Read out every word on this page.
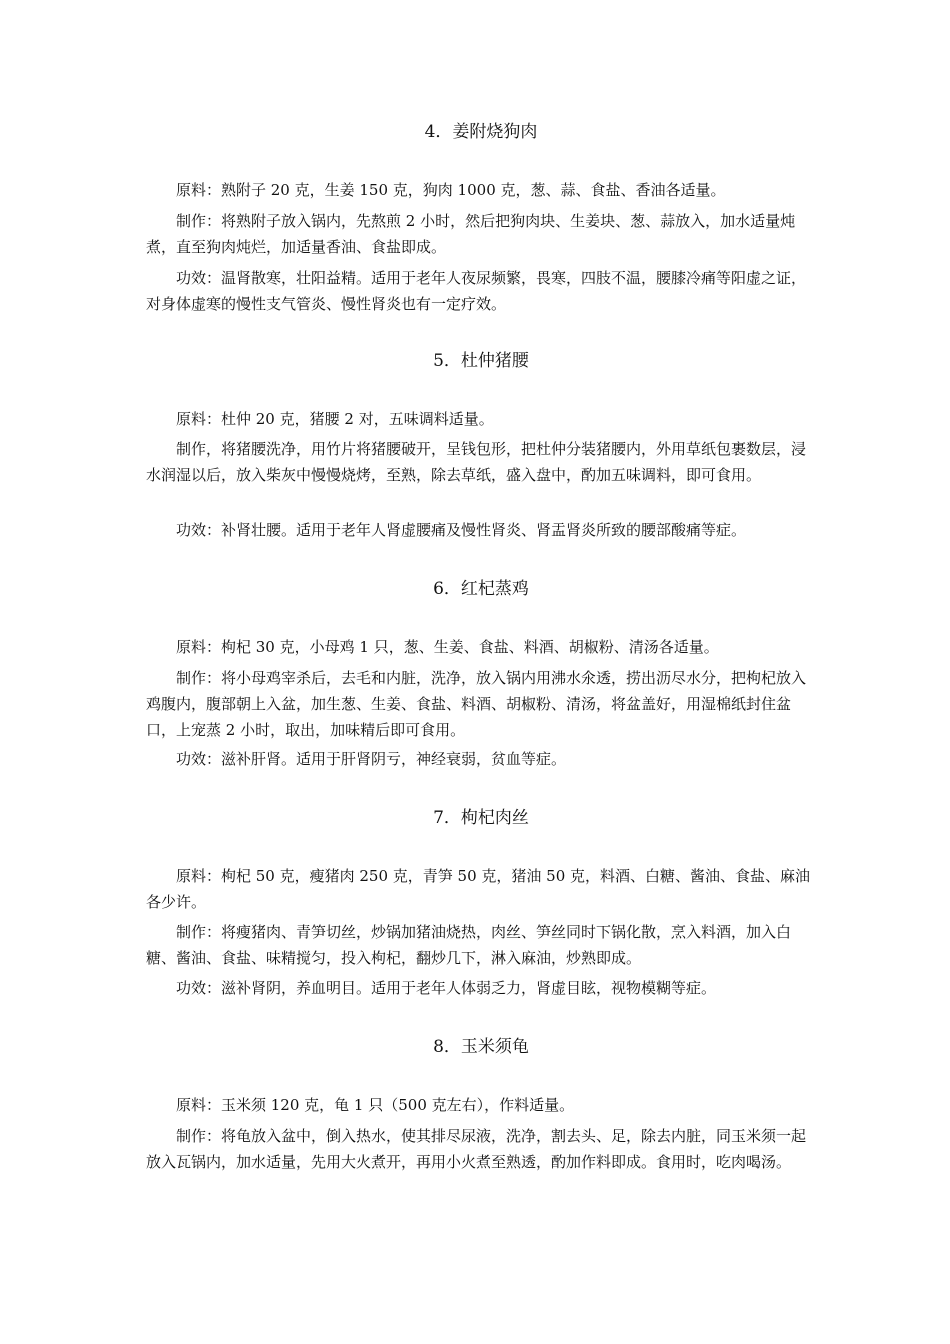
4．姜附烧狗肉

原料：熟附子 20 克，生姜 150 克，狗肉 1000 克，葱、蒜、食盐、香油各适量。

制作：将熟附子放入锅内，先熬煎 2 小时，然后把狗肉块、生姜块、葱、蒜放入，加水适量炖煮，直至狗肉炖烂，加适量香油、食盐即成。

功效：温肾散寒，壮阳益精。适用于老年人夜尿频繁，畏寒，四肢不温，腰膝冷痛等阳虚之证，对身体虚寒的慢性支气管炎、慢性肾炎也有一定疗效。

5．杜仲猪腰

原料：杜仲 20 克，猪腰 2 对，五味调料适量。

制作，将猪腰洗净，用竹片将猪腰破开，呈钱包形，把杜仲分装猪腰内，外用草纸包裹数层，浸水润湿以后，放入柴灰中慢慢烧烤，至熟，除去草纸，盛入盘中，酌加五味调料，即可食用。

功效：补肾壮腰。适用于老年人肾虚腰痛及慢性肾炎、肾盂肾炎所致的腰部酸痛等症。

6．红杞蒸鸡

原料：枸杞 30 克，小母鸡 1 只，葱、生姜、食盐、料酒、胡椒粉、清汤各适量。

制作：将小母鸡宰杀后，去毛和内脏，洗净，放入锅内用沸水氽透，捞出沥尽水分，把枸杞放入鸡腹内，腹部朝上入盆，加生葱、生姜、食盐、料酒、胡椒粉、清汤，将盆盖好，用湿棉纸封住盆口，上宠蒸 2 小时，取出，加味精后即可食用。

功效：滋补肝肾。适用于肝肾阴亏，神经衰弱，贫血等症。

7．枸杞肉丝

原料：枸杞 50 克，瘦猪肉 250 克，青笋 50 克，猪油 50 克，料酒、白糖、酱油、食盐、麻油各少许。

制作：将瘦猪肉、青笋切丝，炒锅加猪油烧热，肉丝、笋丝同时下锅化散，烹入料酒，加入白糖、酱油、食盐、味精搅匀，投入枸杞，翻炒几下，淋入麻油，炒熟即成。

功效：滋补肾阴，养血明目。适用于老年人体弱乏力，肾虚目眩，视物模糊等症。

8．玉米须龟

原料：玉米须 120 克，龟 1 只（500 克左右），作料适量。

制作：将龟放入盆中，倒入热水，使其排尽尿液，洗净，割去头、足，除去内脏，同玉米须一起放入瓦锅内，加水适量，先用大火煮开，再用小火煮至熟透，酌加作料即成。食用时，吃肉喝汤。
